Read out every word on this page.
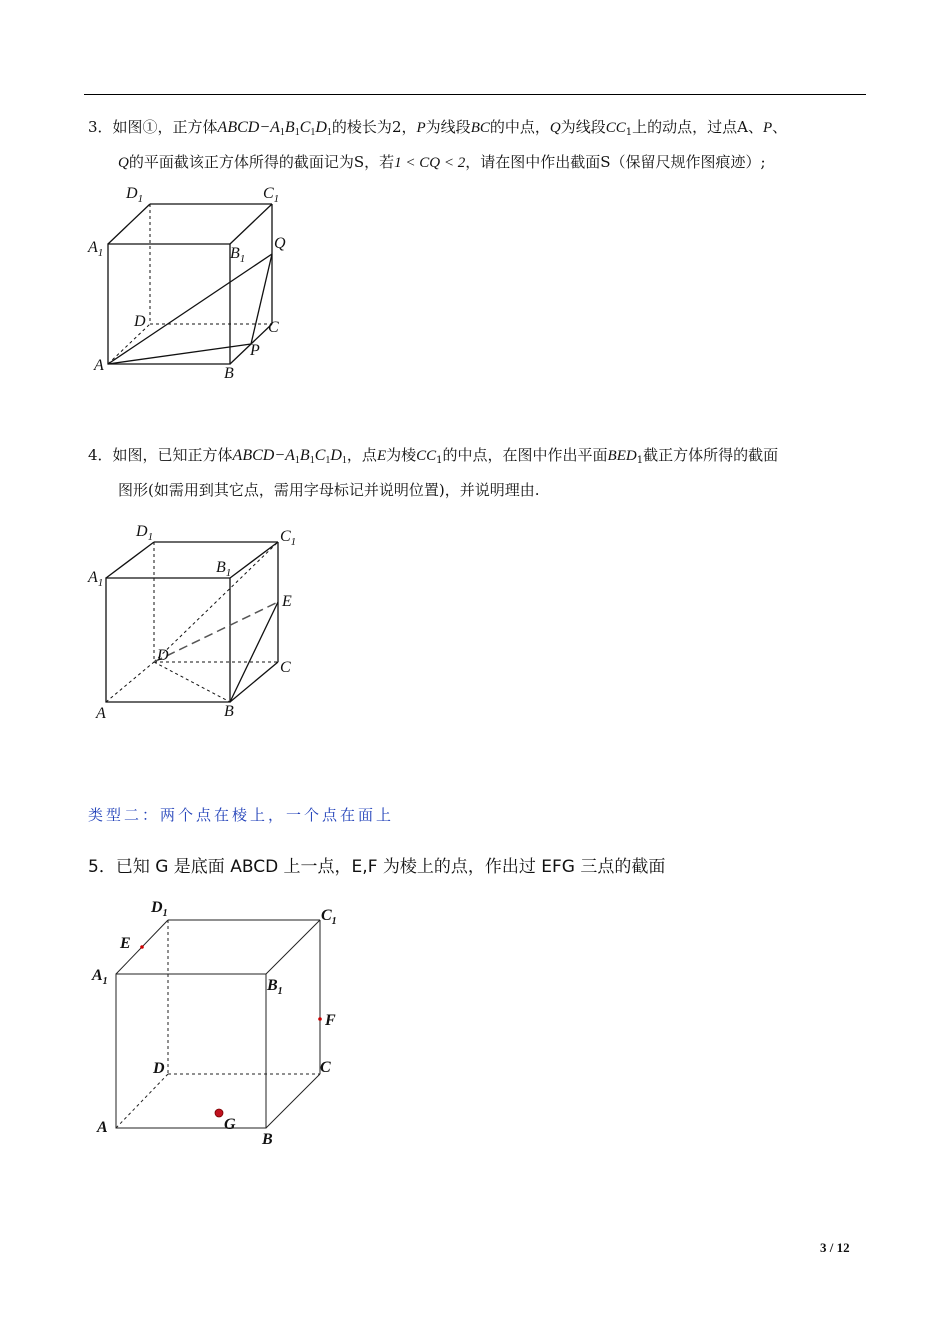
3．如图①，正方体$ABCD-A_1B_1C_1D_1$的棱长为2，P为线段BC的中点，Q为线段$CC_1$上的动点，过点A、P、
Q的平面截该正方体所得的截面记为S，若1 < CQ < 2，请在图中作出截面S（保留尺规作图痕迹）;
$D_1$	$C_1$
$A_1$	$B_1$
Q
D	C
P
A	B
4．如图，已知正方体$ABCD-A_1B_1C_1D_1$，点E为棱$CC_1$的中点，在图中作出平面$BED_1$截正方体所得的截面
图形(如需用到其它点，需用字母标记并说明位置)，并说明理由.
$D_1$	$C_1$
$A_1$
$B_1$
E
D
C
A	B
类型二：两个点在棱上，一个点在面上
5．已知 G 是底面 ABCD 上一点，E,F 为棱上的点，作出过 EFG 三点的截面
$D_1$	$C_1$
E
$A_1$	$B_1$
F
D	C
G
A
B
3 / 12
